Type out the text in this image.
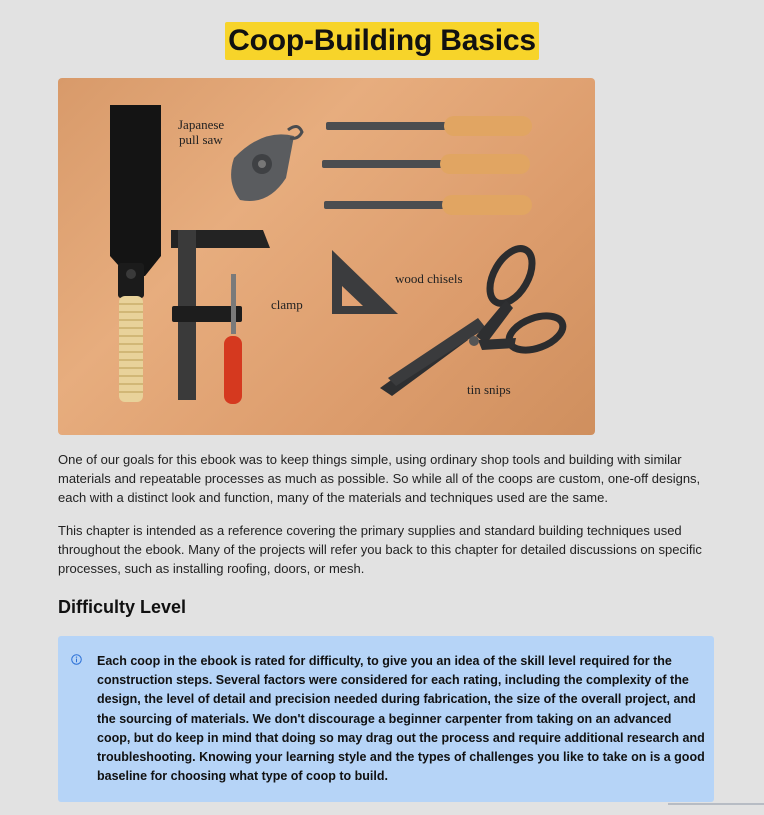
Coop-Building Basics
Japanese
pull saw
clamp
wood chisels
tin snips

One of our goals for this ebook was to keep things simple, using ordinary shop tools and building with similar materials and repeatable processes as much as possible. So while all of the coops are custom, one-off designs, each with a distinct look and function, many of the materials and techniques used are the same.

This chapter is intended as a reference covering the primary supplies and standard building techniques used throughout the ebook. Many of the projects will refer you back to this chapter for detailed discussions on specific processes, such as installing roofing, doors, or mesh.

Difficulty Level

Each coop in the ebook is rated for difficulty, to give you an idea of the skill level required for the construction steps. Several factors were considered for each rating, including the complexity of the design, the level of detail and precision needed during fabrication, the size of the overall project, and the sourcing of materials. We don't discourage a beginner carpenter from taking on an advanced coop, but do keep in mind that doing so may drag out the process and require additional research and troubleshooting. Knowing your learning style and the types of challenges you like to take on is a good baseline for choosing what type of coop to build.
